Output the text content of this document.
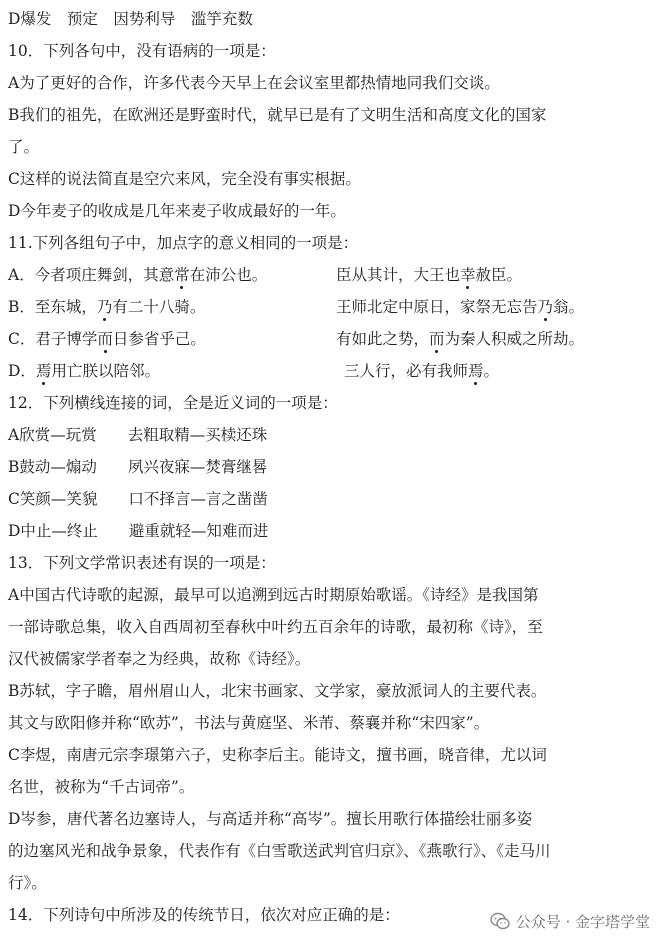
D爆发　预定　因势利导　滥竽充数
10．下列各句中，没有语病的一项是：
A为了更好的合作，许多代表今天早上在会议室里都热情地同我们交谈。
B我们的祖先，在欧洲还是野蛮时代，就早已是有了文明生活和高度文化的国家
了。
C这样的说法简直是空穴来风，完全没有事实根据。
D今年麦子的收成是几年来麦子收成最好的一年。
11.下列各组句子中，加点字的意义相同的一项是：
A．今者项庄舞剑，其意常在沛公也。	臣从其计，大王也幸赦臣。
B．至东城，乃有二十八骑。	王师北定中原日，家祭无忘告乃翁。
C．君子博学而日参省乎己。	有如此之势，而为秦人积威之所劫。
D．焉用亡朕以陪邻。	三人行，必有我师焉。
12．下列横线连接的词，全是近义词的一项是：
A欣赏—玩赏　　去粗取精—买椟还珠
B鼓动—煽动　　夙兴夜寐—焚膏继晷
C笑颜—笑貌　　口不择言—言之凿凿
D中止—终止　　避重就轻—知难而进
13．下列文学常识表述有误的一项是：
A中国古代诗歌的起源，最早可以追溯到远古时期原始歌谣。《诗经》是我国第
一部诗歌总集，收入自西周初至春秋中叶约五百余年的诗歌，最初称《诗》，至
汉代被儒家学者奉之为经典，故称《诗经》。
B苏轼，字子瞻，眉州眉山人，北宋书画家、文学家，豪放派词人的主要代表。
其文与欧阳修并称“欧苏”，书法与黄庭坚、米芾、蔡襄并称“宋四家”。
C李煜，南唐元宗李璟第六子，史称李后主。能诗文，擅书画，晓音律，尤以词
名世，被称为“千古词帝”。
D岑参，唐代著名边塞诗人，与高适并称“高岑”。擅长用歌行体描绘壮丽多姿
的边塞风光和战争景象，代表作有《白雪歌送武判官归京》、《燕歌行》、《走马川
行》。
14．下列诗句中所涉及的传统节日，依次对应正确的是：	公众号 · 金字塔学堂
